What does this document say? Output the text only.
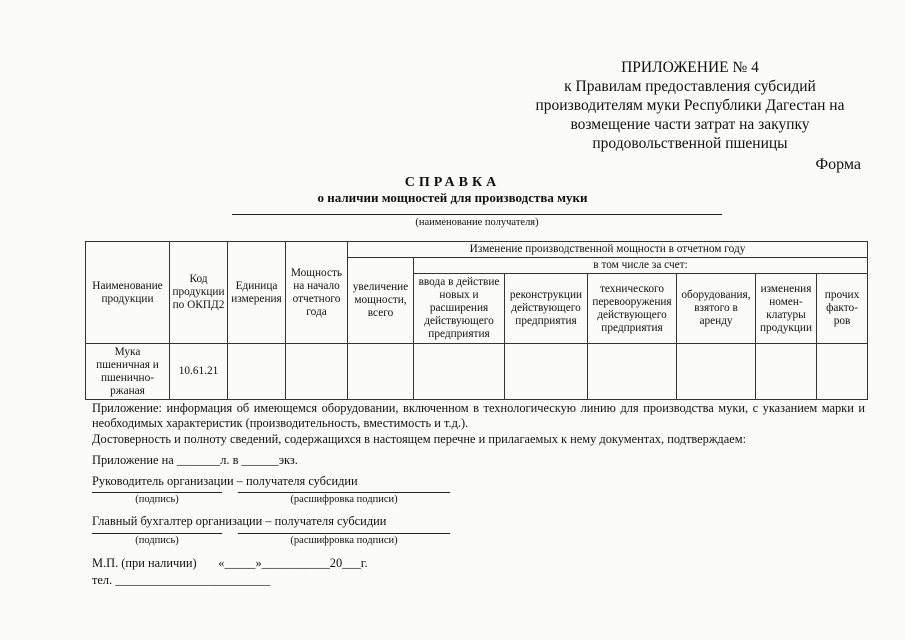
ПРИЛОЖЕНИЕ № 4
к Правилам предоставления субсидий
производителям муки Республики Дагестан на
возмещение части затрат на закупку
продовольственной пшеницы
Форма
СПРАВКА
о наличии мощностей для производства муки
(наименование получателя)
Наименование продукции	Код продукции по ОКПД2	Единица измерения	Мощность на начало отчетного года	Изменение производственной мощности в отчетном году						
				увеличение мощности, всего	в том числе за счет:					
					ввода в действие новых и расширения действующего предприятия	реконструкции действующего предприятия	технического перевооружения действующего предприятия	оборудования, взятого в аренду	изменения номен-клатуры продукции	прочих факто-ров
Мука пшеничная и пшенично-ржаная	10.61.21									
Приложение: информация об имеющемся оборудовании, включенном в технологическую линию для производства муки, с указанием марки и необходимых характеристик (производительность, вместимость и т.д.).
Достоверность и полноту сведений, содержащихся в настоящем перечне и прилагаемых к нему документах, подтверждаем:
Приложение на _______л. в ______экз.
Руководитель организации – получателя субсидии
(подпись)	(расшифровка подписи)
Главный бухгалтер организации – получателя субсидии
(подпись)	(расшифровка подписи)
М.П. (при наличии)       «_____»___________20___г.
тел. _________________________
